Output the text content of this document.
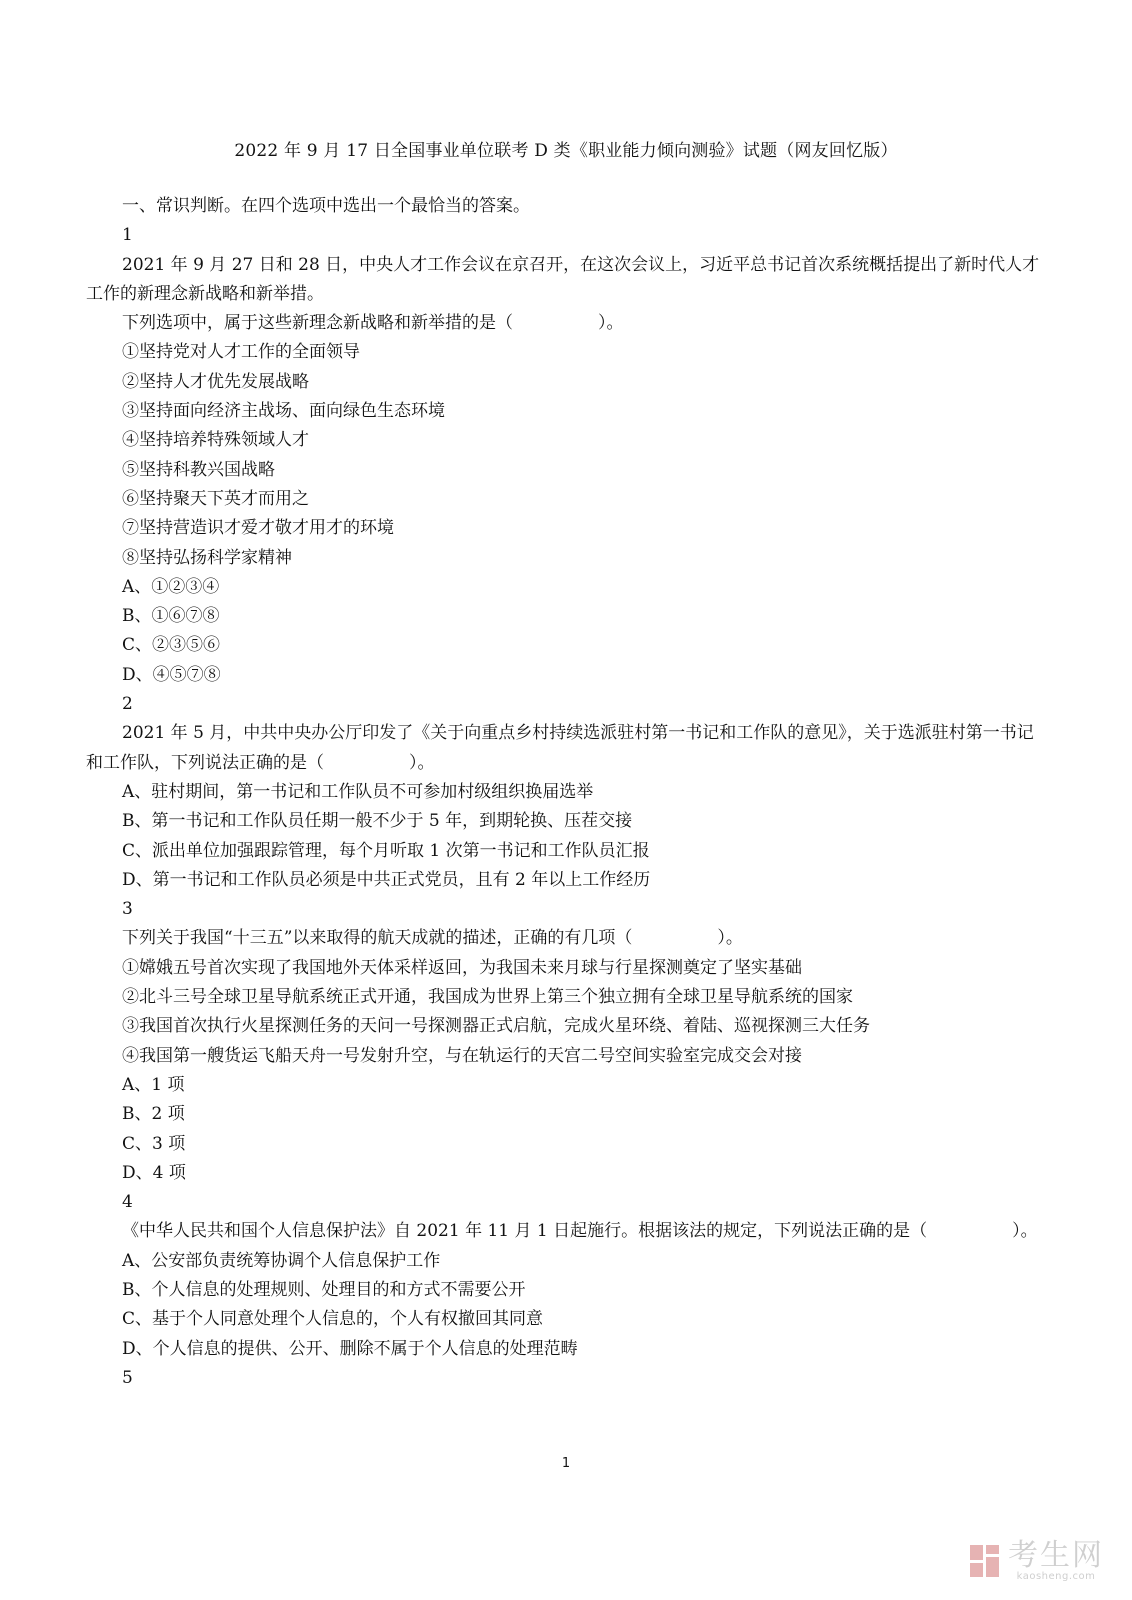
2022 年 9 月 17 日全国事业单位联考 D 类《职业能力倾向测验》试题（网友回忆版）
一、常识判断。在四个选项中选出一个最恰当的答案。
1
2021 年 9 月 27 日和 28 日，中央人才工作会议在京召开，在这次会议上，习近平总书记首次系统概括提出了新时代人才工作的新理念新战略和新举措。
下列选项中，属于这些新理念新战略和新举措的是（　　　　　）。
①坚持党对人才工作的全面领导
②坚持人才优先发展战略
③坚持面向经济主战场、面向绿色生态环境
④坚持培养特殊领域人才
⑤坚持科教兴国战略
⑥坚持聚天下英才而用之
⑦坚持营造识才爱才敬才用才的环境
⑧坚持弘扬科学家精神
A、①②③④
B、①⑥⑦⑧
C、②③⑤⑥
D、④⑤⑦⑧
2
2021 年 5 月，中共中央办公厅印发了《关于向重点乡村持续选派驻村第一书记和工作队的意见》，关于选派驻村第一书记和工作队，下列说法正确的是（　　　　　）。
A、驻村期间，第一书记和工作队员不可参加村级组织换届选举
B、第一书记和工作队员任期一般不少于 5 年，到期轮换、压茬交接
C、派出单位加强跟踪管理，每个月听取 1 次第一书记和工作队员汇报
D、第一书记和工作队员必须是中共正式党员，且有 2 年以上工作经历
3
下列关于我国“十三五”以来取得的航天成就的描述，正确的有几项（　　　　　）。
①嫦娥五号首次实现了我国地外天体采样返回，为我国未来月球与行星探测奠定了坚实基础
②北斗三号全球卫星导航系统正式开通，我国成为世界上第三个独立拥有全球卫星导航系统的国家
③我国首次执行火星探测任务的天问一号探测器正式启航，完成火星环绕、着陆、巡视探测三大任务
④我国第一艘货运飞船天舟一号发射升空，与在轨运行的天宫二号空间实验室完成交会对接
A、1 项
B、2 项
C、3 项
D、4 项
4
《中华人民共和国个人信息保护法》自 2021 年 11 月 1 日起施行。根据该法的规定，下列说法正确的是（　　　　　）。
A、公安部负责统筹协调个人信息保护工作
B、个人信息的处理规则、处理目的和方式不需要公开
C、基于个人同意处理个人信息的，个人有权撤回其同意
D、个人信息的提供、公开、删除不属于个人信息的处理范畴
5
1
考生网
kaosheng.com
